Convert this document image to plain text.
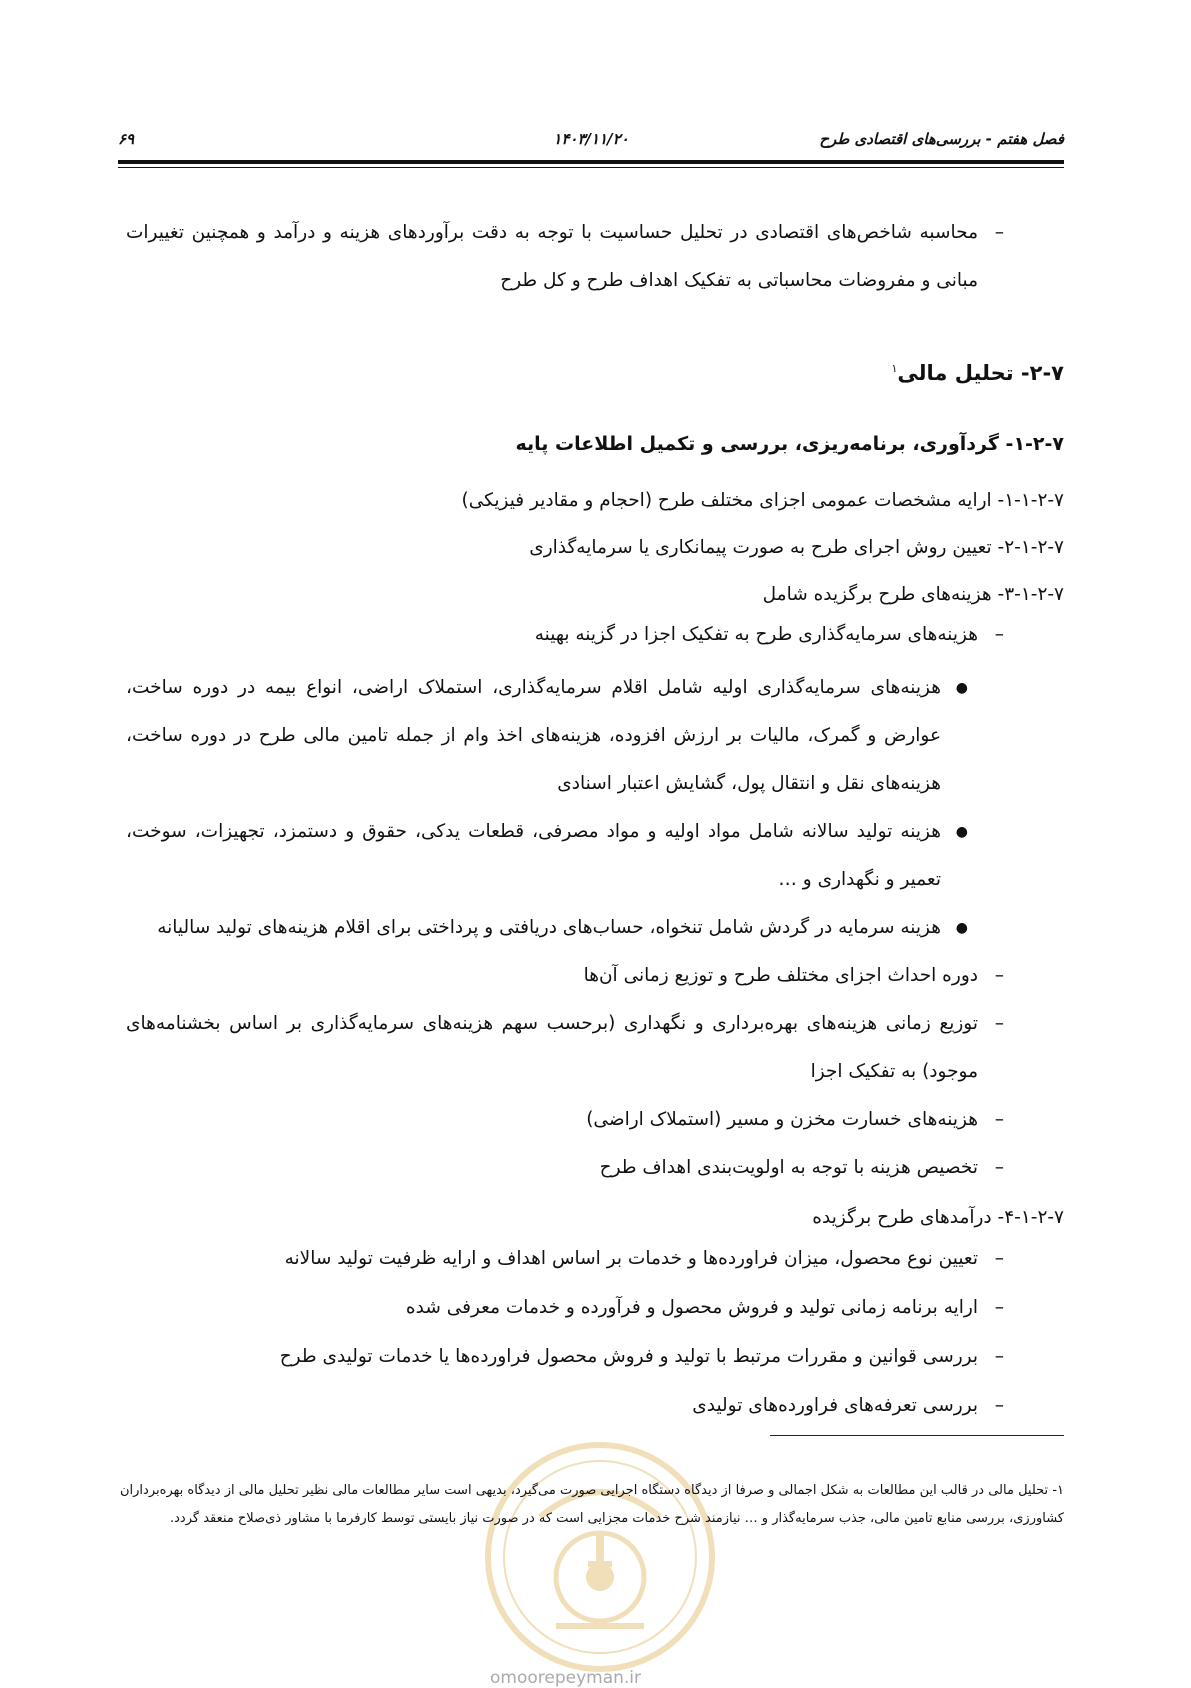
فصل هفتم - بررسی‌های اقتصادی طرح
۱۴۰۳/۱۱/۲۰
۶۹
–
محاسبه شاخص‌های اقتصادی در تحلیل حساسیت با توجه به دقت برآوردهای هزینه و درآمد و همچنین تغییرات مبانی و مفروضات محاسباتی به تفکیک اهداف طرح و کل طرح
۲-۷- تحلیل مالی$^۱$
۱-۲-۷- گردآوری، برنامه‌ریزی، بررسی و تکمیل اطلاعات پایه
۱-۱-۲-۷- ارایه مشخصات عمومی اجزای مختلف طرح (احجام و مقادیر فیزیکی)
۲-۱-۲-۷- تعیین روش اجرای طرح به صورت پیمانکاری یا سرمایه‌گذاری
۳-۱-۲-۷- هزینه‌های طرح برگزیده شامل
–
هزینه‌های سرمایه‌گذاری طرح به تفکیک اجزا در گزینه بهینه
●
هزینه‌های سرمایه‌گذاری اولیه شامل اقلام سرمایه‌گذاری، استملاک اراضی، انواع بیمه در دوره ساخت، عوارض و گمرک، مالیات بر ارزش افزوده، هزینه‌های اخذ وام از جمله تامین مالی طرح در دوره ساخت، هزینه‌های نقل و انتقال پول، گشایش اعتبار اسنادی
●
هزینه تولید سالانه شامل مواد اولیه و مواد مصرفی، قطعات یدکی، حقوق و دستمزد، تجهیزات، سوخت، تعمیر و نگهداری و …
●
هزینه سرمایه در گردش شامل تنخواه، حساب‌های دریافتی و پرداختی برای اقلام هزینه‌های تولید سالیانه
–
دوره احداث اجزای مختلف طرح و توزیع زمانی آن‌ها
–
توزیع زمانی هزینه‌های بهره‌برداری و نگهداری (برحسب سهم هزینه‌های سرمایه‌گذاری بر اساس بخشنامه‌های موجود) به تفکیک اجزا
–
هزینه‌های خسارت مخزن و مسیر (استملاک اراضی)
–
تخصیص هزینه با توجه به اولویت‌بندی اهداف طرح
۴-۱-۲-۷- درآمدهای طرح برگزیده
–
تعیین نوع محصول، میزان فراورده‌ها و خدمات بر اساس اهداف و ارایه ظرفیت تولید سالانه
–
ارایه برنامه زمانی تولید و فروش محصول و فرآورده و خدمات معرفی شده
–
بررسی قوانین و مقررات مرتبط با تولید و فروش محصول فراورده‌ها یا خدمات تولیدی طرح
–
بررسی تعرفه‌های فراورده‌های تولیدی
۱- تحلیل مالی در قالب این مطالعات به شکل اجمالی و صرفا از دیدگاه دستگاه اجرایی صورت می‌گیرد، بدیهی است سایر مطالعات مالی نظیر تحلیل مالی از دیدگاه بهره‌برداران کشاورزی، بررسی منابع تامین مالی، جذب سرمایه‌گذار و … نیازمند شرح خدمات مجزایی است که در صورت نیاز بایستی توسط کارفرما با مشاور ذی‌صلاح منعقد گردد.
omoorepeyman.ir
